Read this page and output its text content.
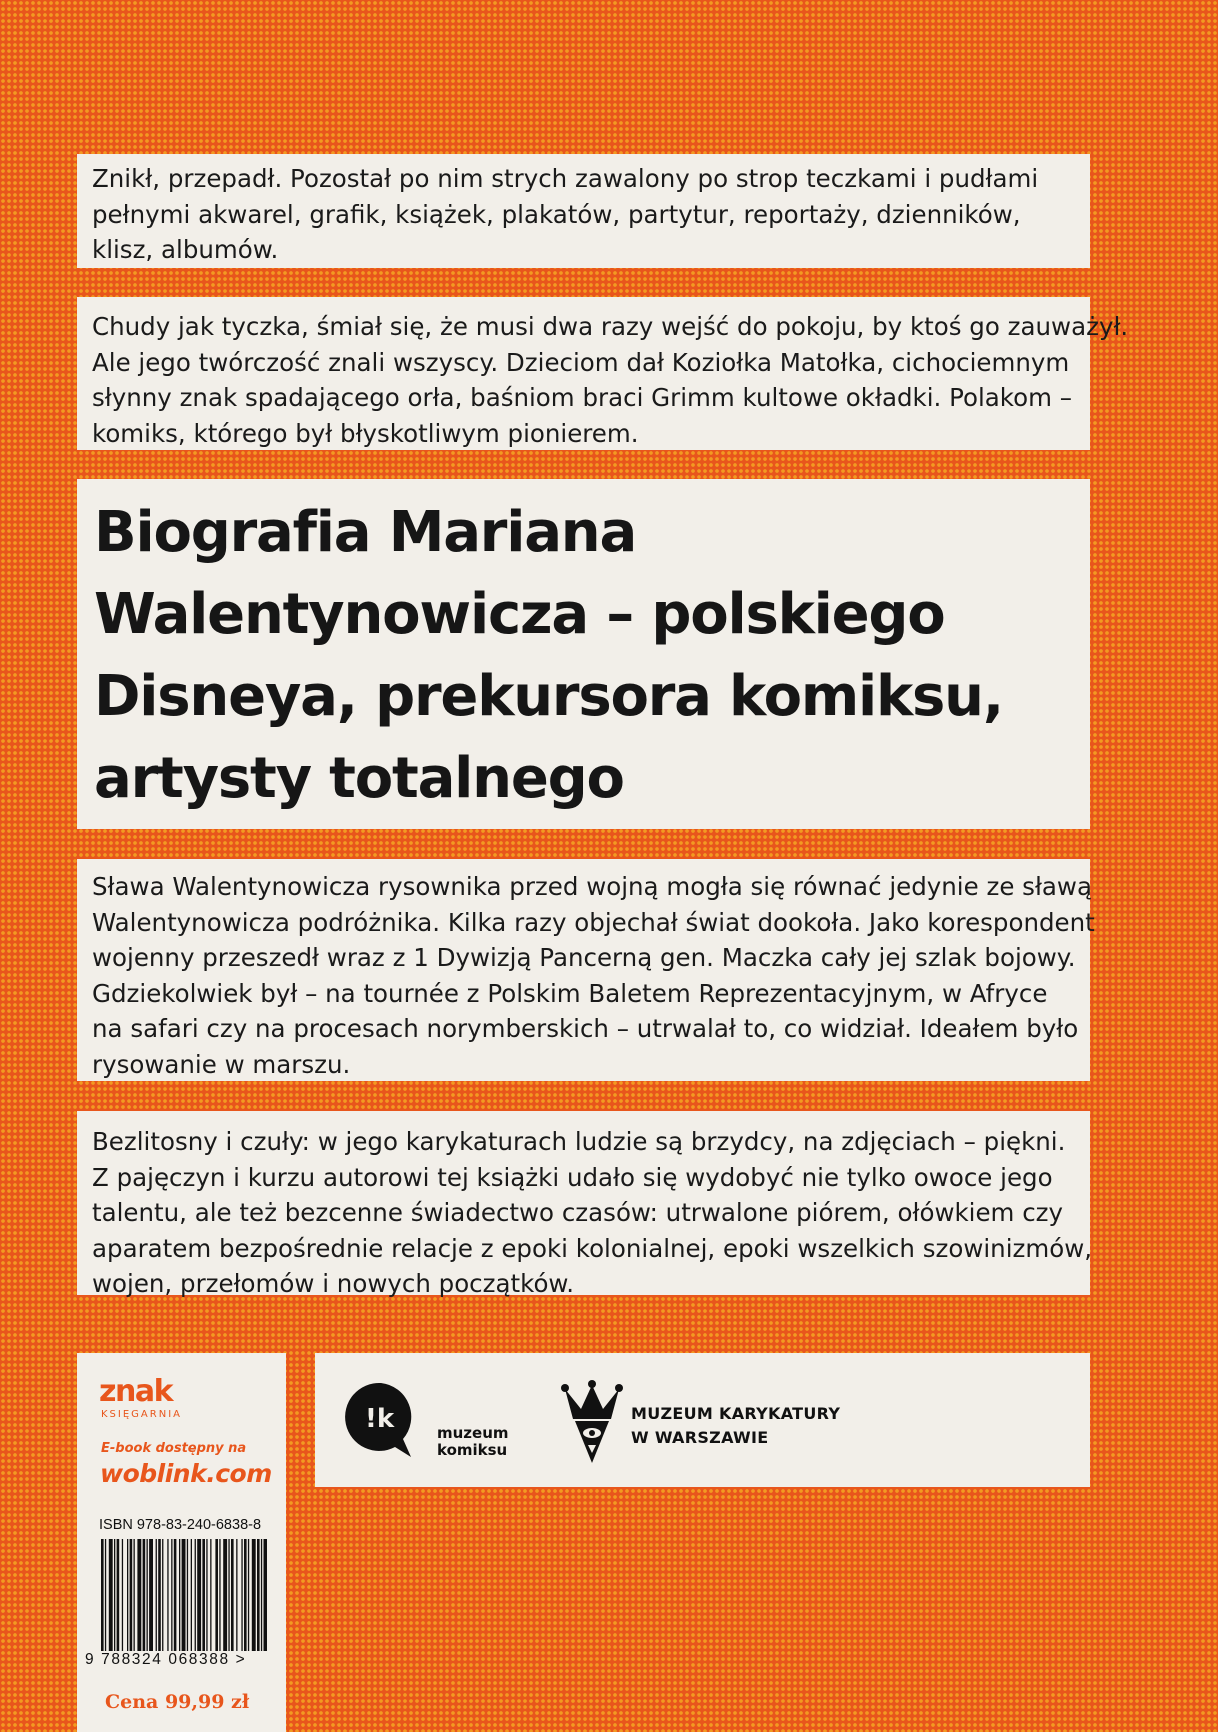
Znikł, przepadł. Pozostał po nim strych zawalony po strop teczkami i pudłami
pełnymi akwarel, grafik, książek, plakatów, partytur, reportaży, dzienników,
klisz, albumów.

Chudy jak tyczka, śmiał się, że musi dwa razy wejść do pokoju, by ktoś go zauważył.
Ale jego twórczość znali wszyscy. Dzieciom dał Koziołka Matołka, cichociemnym
słynny znak spadającego orła, baśniom braci Grimm kultowe okładki. Polakom –
komiks, którego był błyskotliwym pionierem.

Biografia Mariana
Walentynowicza – polskiego
Disneya, prekursora komiksu,
artysty totalnego

Sława Walentynowicza rysownika przed wojną mogła się równać jedynie ze sławą
Walentynowicza podróżnika. Kilka razy objechał świat dookoła. Jako korespondent
wojenny przeszedł wraz z 1 Dywizją Pancerną gen. Maczka cały jej szlak bojowy.
Gdziekolwiek był – na tournée z Polskim Baletem Reprezentacyjnym, w Afryce
na safari czy na procesach norymberskich – utrwalał to, co widział. Ideałem było
rysowanie w marszu.

Bezlitosny i czuły: w jego karykaturach ludzie są brzydcy, na zdjęciach – piękni.
Z pajęczyn i kurzu autorowi tej książki udało się wydobyć nie tylko owoce jego
talentu, ale też bezcenne świadectwo czasów: utrwalone piórem, ołówkiem czy
aparatem bezpośrednie relacje z epoki kolonialnej, epoki wszelkich szowinizmów,
wojen, przełomów i nowych początków.

znak
KSIĘGARNIA
E-book dostępny na
woblink.com
ISBN 978-83-240-6838-8
9 788324 068388 >
Cena 99,99 zł
!k	muzeum
komiksu
MUZEUM KARYKATURY
W WARSZAWIE
